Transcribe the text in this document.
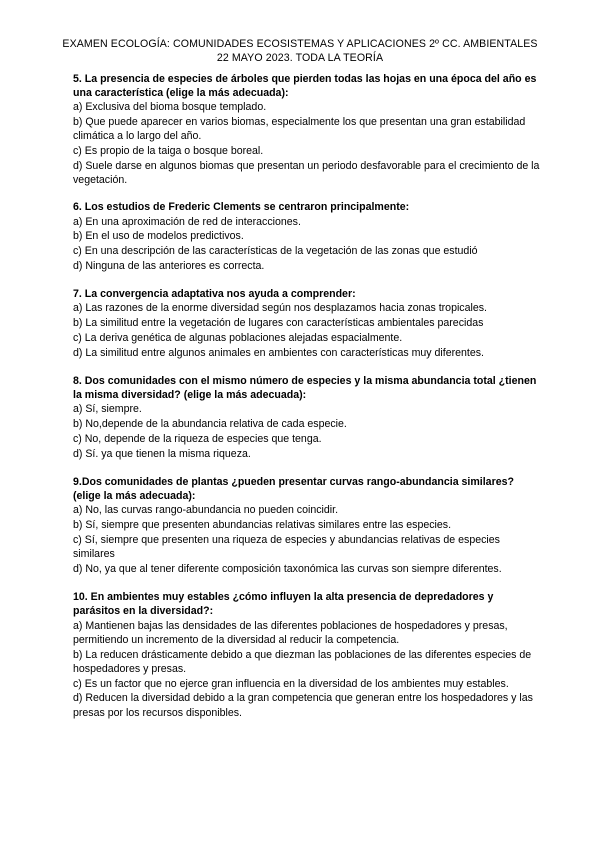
EXAMEN ECOLOGÍA: COMUNIDADES ECOSISTEMAS Y APLICACIONES 2º CC. AMBIENTALES
22 MAYO 2023. TODA LA TEORÍA

5. La presencia de especies de árboles que pierden todas las hojas en una época del año es una característica (elige la más adecuada):

a) Exclusiva del bioma bosque templado.
b) Que puede aparecer en varios biomas, especialmente los que presentan una gran estabilidad climática a lo largo del año.
c) Es propio de la taiga o bosque boreal.
d) Suele darse en algunos biomas que presentan un periodo desfavorable para el crecimiento de la vegetación.

6. Los estudios de Frederic Clements se centraron principalmente:

a) En una aproximación de red de interacciones.
b) En el uso de modelos predictivos.
c) En una descripción de las características de la vegetación de las zonas que estudió
d) Ninguna de las anteriores es correcta.

7. La convergencia adaptativa nos ayuda a comprender:

a) Las razones de la enorme diversidad según nos desplazamos hacia zonas tropicales.
b) La similitud entre la vegetación de lugares con características ambientales parecidas
c) La deriva genética de algunas poblaciones alejadas espacialmente.
d) La similitud entre algunos animales en ambientes con características muy diferentes.

8. Dos comunidades con el mismo número de especies y la misma abundancia total ¿tienen la misma diversidad? (elige la más adecuada):

a) Sí, siempre.
b) No,depende de la abundancia relativa de cada especie.
c) No, depende de la riqueza de especies que tenga.
d) Sí. ya que tienen la misma riqueza.

9.Dos comunidades de plantas ¿pueden presentar curvas rango-abundancia similares? (elige la más adecuada):

a) No, las curvas rango-abundancia no pueden coincidir.
b) Sí, siempre que presenten abundancias relativas similares entre las especies.
c) Sí, siempre que presenten una riqueza de especies y abundancias relativas de especies similares
d) No, ya que al tener diferente composición taxonómica las curvas son siempre diferentes.

10. En ambientes muy estables ¿cómo influyen la alta presencia de depredadores y parásitos en la diversidad?:

a) Mantienen bajas las densidades de las diferentes poblaciones de hospedadores y presas, permitiendo un incremento de la diversidad al reducir la competencia.
b) La reducen drásticamente debido a que diezman las poblaciones de las diferentes especies de hospedadores y presas.
c) Es un factor que no ejerce gran influencia en la diversidad de los ambientes muy estables.
d) Reducen la diversidad debido a la gran competencia que generan entre los hospedadores y las presas por los recursos disponibles.
